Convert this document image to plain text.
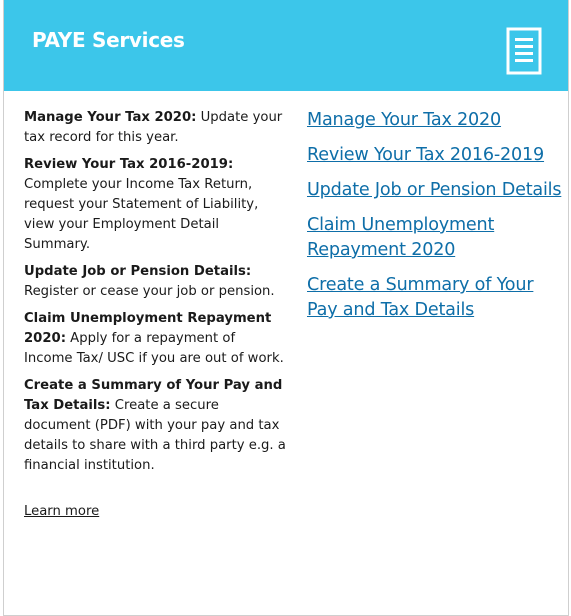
PAYE Services
Manage Your Tax 2020: Update your tax record for this year.
Review Your Tax 2016-2019: Complete your Income Tax Return, request your Statement of Liability, view your Employment Detail Summary.
Update Job or Pension Details: Register or cease your job or pension.
Claim Unemployment Repayment 2020: Apply for a repayment of Income Tax/ USC if you are out of work.
Create a Summary of Your Pay and Tax Details: Create a secure document (PDF) with your pay and tax details to share with a third party e.g. a financial institution.
Learn more
Manage Your Tax 2020
Review Your Tax 2016-2019
Update Job or Pension Details
Claim Unemployment Repayment 2020
Create a Summary of Your Pay and Tax Details
